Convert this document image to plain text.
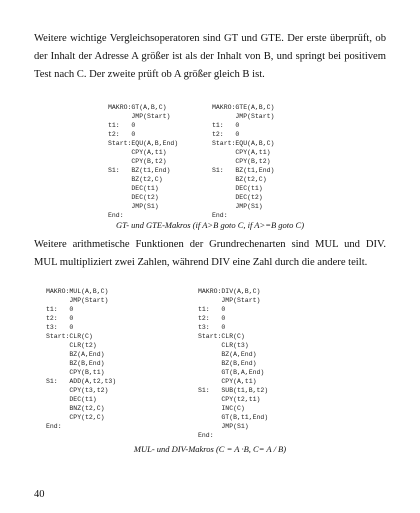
Weitere wichtige Vergleichsoperatoren sind GT und GTE. Der erste überprüft, ob der Inhalt der Adresse A größer ist als der Inhalt von B, und springt bei positivem Test nach C. Der zweite prüft ob A größer gleich B ist.

MAKRO:GT(A,B,C)
JMP(Start)
t1:   0
t2:   0
Start:EQU(A,B,End)
CPY(A,t1)
CPY(B,t2)
S1:   BZ(t1,End)
BZ(t2,C)
DEC(t1)
DEC(t2)
JMP(S1)
End:
MAKRO:GTE(A,B,C)
JMP(Start)
t1:   0
t2:   0
Start:EQU(A,B,C)
CPY(A,t1)
CPY(B,t2)
S1:   BZ(t1,End)
BZ(t2,C)
DEC(t1)
DEC(t2)
JMP(S1)
End:
GT- und GTE-Makros (if A>B goto C, if A>=B goto C)

Weitere arithmetische Funktionen der Grundrechenarten sind MUL und DIV. MUL multipliziert zwei Zahlen, während DIV eine Zahl durch die andere teilt.

MAKRO:MUL(A,B,C)
JMP(Start)
t1:   0
t2:   0
t3:   0
Start:CLR(C)
CLR(t2)
BZ(A,End)
BZ(B,End)
CPY(B,t1)
S1:   ADD(A,t2,t3)
CPY(t3,t2)
DEC(t1)
BNZ(t2,C)
CPY(t2,C)
End:
MAKRO:DIV(A,B,C)
JMP(Start)
t1:   0
t2:   0
t3:   0
Start:CLR(C)
CLR(t3)
BZ(A,End)
BZ(B,End)
GT(B,A,End)
CPY(A,t1)
S1:   SUB(t1,B,t2)
CPY(t2,t1)
INC(C)
GT(B,t1,End)
JMP(S1)
End:
MUL- und DIV-Makros (C = A ·B, C= A / B)
40
